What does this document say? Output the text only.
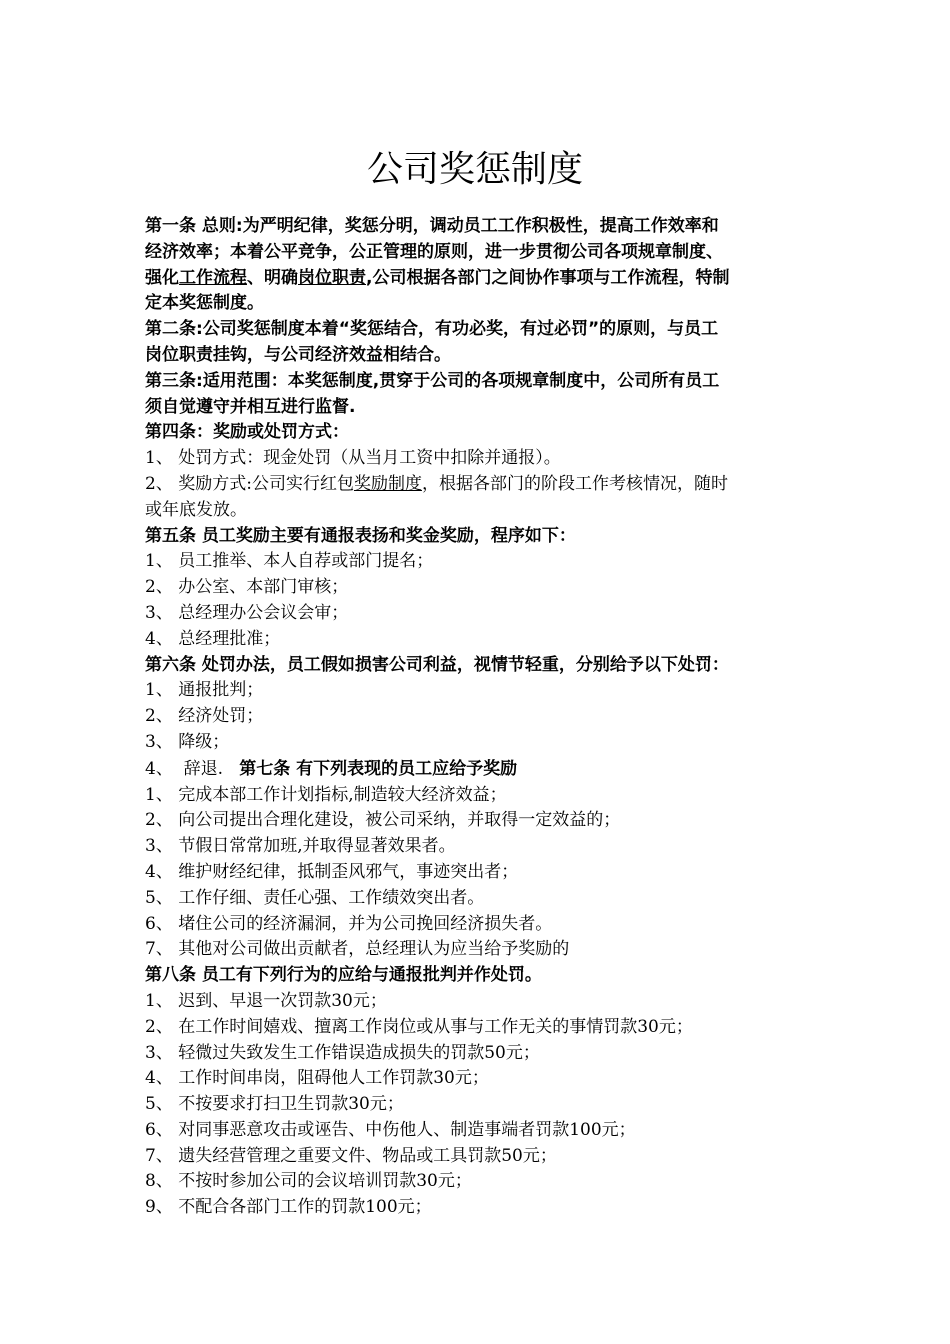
公司奖惩制度

第一条 总则:为严明纪律，奖惩分明，调动员工工作积极性，提高工作效率和

经济效率；本着公平竞争，公正管理的原则，进一步贯彻公司各项规章制度、

强化工作流程、明确岗位职责,公司根据各部门之间协作事项与工作流程，特制

定本奖惩制度。

第二条:公司奖惩制度本着“奖惩结合，有功必奖，有过必罚”的原则，与员工

岗位职责挂钩，与公司经济效益相结合。

第三条:适用范围：本奖惩制度,贯穿于公司的各项规章制度中，公司所有员工

须自觉遵守并相互进行监督.

第四条：奖励或处罚方式：

1、 处罚方式：现金处罚（从当月工资中扣除并通报）。

2、 奖励方式:公司实行红包奖励制度，根据各部门的阶段工作考核情况，随时

或年底发放。

第五条 员工奖励主要有通报表扬和奖金奖励，程序如下：

1、 员工推举、本人自荐或部门提名；

2、 办公室、本部门审核；

3、 总经理办公会议会审；

4、 总经理批准；

第六条 处罚办法，员工假如损害公司利益，视情节轻重，分别给予以下处罚：

1、 通报批判；

2、 经济处罚；

3、 降级；

4、  辞退.   第七条 有下列表现的员工应给予奖励

1、 完成本部工作计划指标,制造较大经济效益；

2、 向公司提出合理化建设，被公司采纳，并取得一定效益的；

3、 节假日常常加班,并取得显著效果者。

4、 维护财经纪律，抵制歪风邪气，事迹突出者；

5、 工作仔细、责任心强、工作绩效突出者。

6、 堵住公司的经济漏洞，并为公司挽回经济损失者。

7、 其他对公司做出贡献者，总经理认为应当给予奖励的

第八条 员工有下列行为的应给与通报批判并作处罚。

1、 迟到、早退一次罚款30元；

2、 在工作时间嬉戏、擅离工作岗位或从事与工作无关的事情罚款30元；

3、 轻微过失致发生工作错误造成损失的罚款50元；

4、 工作时间串岗，阻碍他人工作罚款30元；

5、 不按要求打扫卫生罚款30元；

6、 对同事恶意攻击或诬告、中伤他人、制造事端者罚款100元；

7、 遗失经营管理之重要文件、物品或工具罚款50元；

8、 不按时参加公司的会议培训罚款30元；

9、 不配合各部门工作的罚款100元；
